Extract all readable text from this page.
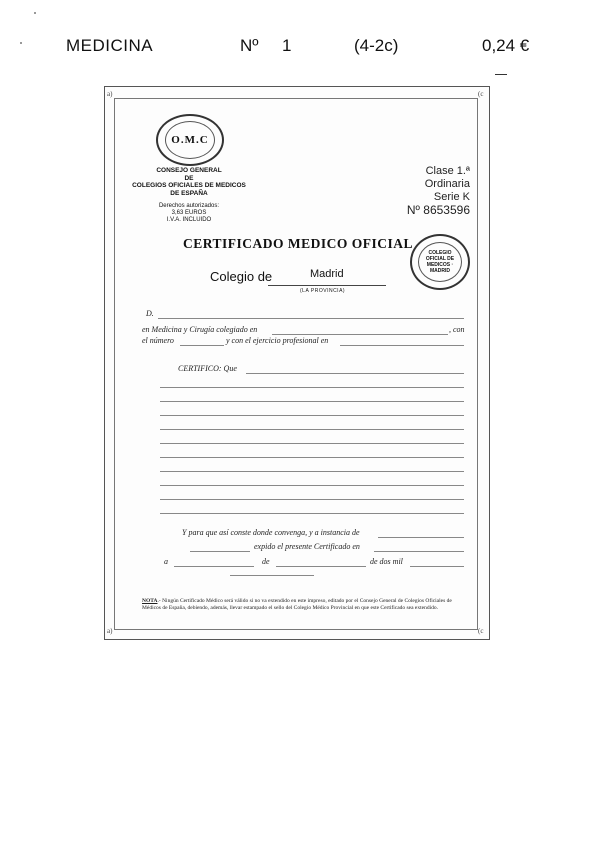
MEDICINA	Nº 1	(4-2c)	0,24 €
a)	(c
a)	(c
O.M.C
CONSEJO GENERAL
DE
COLEGIOS OFICIALES DE MEDICOS
DE ESPAÑA
Derechos autorizados:
3,63 EUROS
I.V.A. INCLUIDO
Clase 1.ª
Ordinaria
Serie K
Nº 8653596
CERTIFICADO MEDICO OFICIAL
COLEGIO OFICIAL DE MEDICOS · MADRID
Colegio de	Madrid
(LA PROVINCIA)
D.
en Medicina y Cirugía colegiado en	, con
el número	y con el ejercicio profesional en
CERTIFICO: Que
Y para que así conste donde convenga, y a instancia de
expido el presente Certificado en
a	de	de dos mil
NOTA.- Ningún Certificado Médico será válido si no va extendido en este impreso, editado por el Consejo General de Colegios Oficiales de Médicos de España, debiendo, además, llevar estampado el sello del Colegio Médico Provincial en que este Certificado sea extendido.
